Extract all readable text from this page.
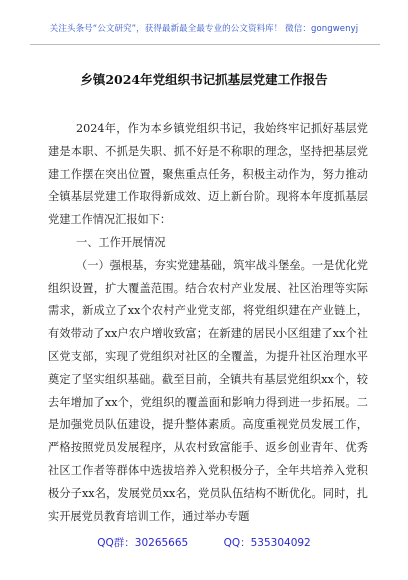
关注头条号“公文研究”，获得最新最全最专业的公文资料库！ 微信：gongwenyj
乡镇2024年党组织书记抓基层党建工作报告

2024年，作为本乡镇党组织书记，我始终牢记抓好基层党建是本职、不抓是失职、抓不好是不称职的理念，坚持把基层党建工作摆在突出位置，聚焦重点任务，积极主动作为，努力推动全镇基层党建工作取得新成效、迈上新台阶。现将本年度抓基层党建工作情况汇报如下：

一、工作开展情况

（一）强根基，夯实党建基础，筑牢战斗堡垒。一是优化党组织设置，扩大覆盖范围。结合农村产业发展、社区治理等实际需求，新成立了xx个农村产业党支部，将党组织建在产业链上，有效带动了xx户农户增收致富；在新建的居民小区组建了xx个社区党支部，实现了党组织对社区的全覆盖，为提升社区治理水平奠定了坚实组织基础。截至目前，全镇共有基层党组织xx个，较去年增加了xx个，党组织的覆盖面和影响力得到进一步拓展。二是加强党员队伍建设，提升整体素质。高度重视党员发展工作，严格按照党员发展程序，从农村致富能手、返乡创业青年、优秀社区工作者等群体中选拔培养入党积极分子，全年共培养入党积极分子xx名，发展党员xx名，党员队伍结构不断优化。同时，扎实开展党员教育培训工作，通过举办专题

QQ群：30265665	QQ：535304092
